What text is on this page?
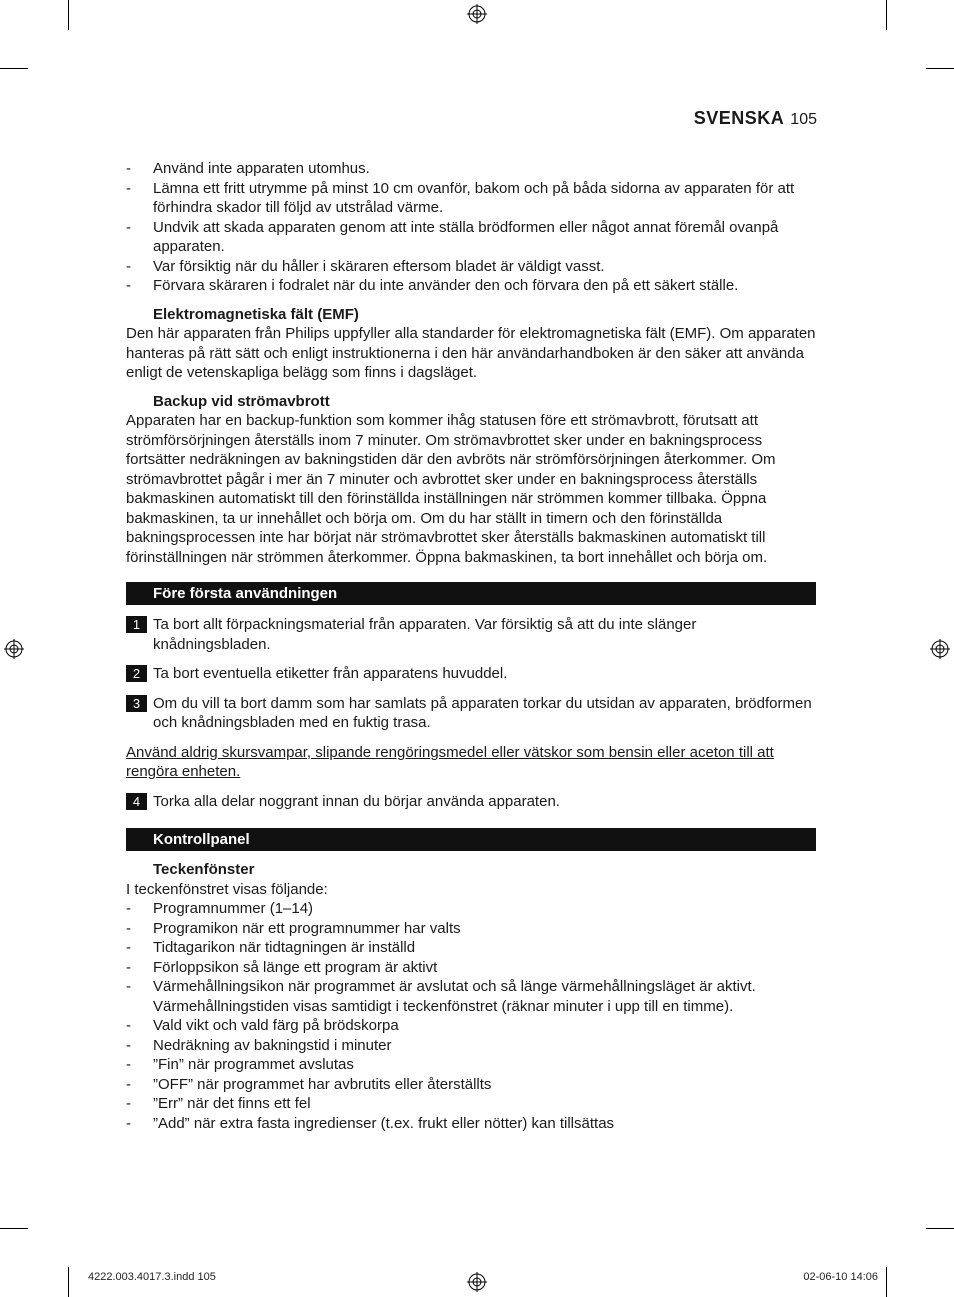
SVENSKA 105
- Använd inte apparaten utomhus.
- Lämna ett fritt utrymme på minst 10 cm ovanför, bakom och på båda sidorna av apparaten för att förhindra skador till följd av utstrålad värme.
- Undvik att skada apparaten genom att inte ställa brödformen eller något annat föremål ovanpå apparaten.
- Var försiktig när du håller i skäraren eftersom bladet är väldigt vasst.
- Förvara skäraren i fodralet när du inte använder den och förvara den på ett säkert ställe.
Elektromagnetiska fält (EMF)
Den här apparaten från Philips uppfyller alla standarder för elektromagnetiska fält (EMF). Om apparaten hanteras på rätt sätt och enligt instruktionerna i den här användarhandboken är den säker att använda enligt de vetenskapliga belägg som finns i dagsläget.
Backup vid strömavbrott
Apparaten har en backup-funktion som kommer ihåg statusen före ett strömavbrott, förutsatt att strömförsörjningen återställs inom 7 minuter. Om strömavbrottet sker under en bakningsprocess fortsätter nedräkningen av bakningstiden där den avbröts när strömförsörjningen återkommer. Om strömavbrottet pågår i mer än 7 minuter och avbrottet sker under en bakningsprocess återställs bakmaskinen automatiskt till den förinställda inställningen när strömmen kommer tillbaka. Öppna bakmaskinen, ta ur innehållet och börja om. Om du har ställt in timern och den förinställda bakningsprocessen inte har börjat när strömavbrottet sker återställs bakmaskinen automatiskt till förinställningen när strömmen återkommer. Öppna bakmaskinen, ta bort innehållet och börja om.
Före första användningen
1 Ta bort allt förpackningsmaterial från apparaten. Var försiktig så att du inte slänger knådningsbladen.
2 Ta bort eventuella etiketter från apparatens huvuddel.
3 Om du vill ta bort damm som har samlats på apparaten torkar du utsidan av apparaten, brödformen och knådningsbladen med en fuktig trasa.
Använd aldrig skursvampar, slipande rengöringsmedel eller vätskor som bensin eller aceton till att rengöra enheten.
4 Torka alla delar noggrant innan du börjar använda apparaten.
Kontrollpanel
Teckenfönster
I teckenfönstret visas följande:
- Programnummer (1–14)
- Programikon när ett programnummer har valts
- Tidtagarikon när tidtagningen är inställd
- Förloppsikon så länge ett program är aktivt
- Värmehållningsikon när programmet är avslutat och så länge värmehållningsläget är aktivt. Värmehållningstiden visas samtidigt i teckenfönstret (räknar minuter i upp till en timme).
- Vald vikt och vald färg på brödskorpa
- Nedräkning av bakningstid i minuter
- ”Fin” när programmet avslutas
- ”OFF” när programmet har avbrutits eller återställts
- ”Err” när det finns ett fel
- ”Add” när extra fasta ingredienser (t.ex. frukt eller nötter) kan tillsättas
4222.003.4017.3.indd 105	02-06-10 14:06
